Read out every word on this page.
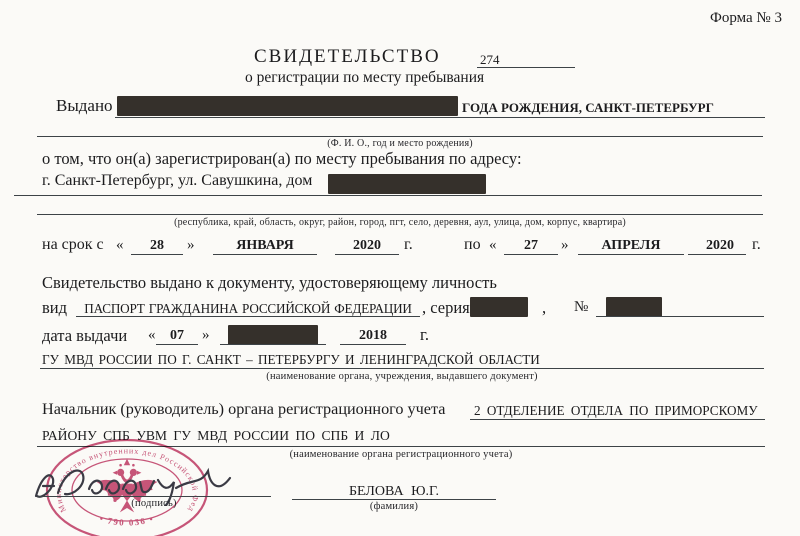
Форма № 3
СВИДЕТЕЛЬСТВО	274
о регистрации по месту пребывания
Выдано	ГОДА РОЖДЕНИЯ, САНКТ-ПЕТЕРБУРГ
(Ф. И. О., год и место рождения)
о том, что он(а) зарегистрирован(а) по месту пребывания по адресу:
г. Санкт-Петербург, ул. Савушкина, дом
(республика, край, область, округ, район, город, пгт, село, деревня, аул, улица, дом, корпус, квартира)
на срок с «	28	»	ЯНВАРЯ	2020	г.	по «	27	»	АПРЕЛЯ	2020	г.
Свидетельство выдано к документу, удостоверяющему личность
вид	ПАСПОРТ ГРАЖДАНИНА РОССИЙСКОЙ ФЕДЕРАЦИИ , серия	, №
дата выдачи «	07	»	2018	г.
ГУ МВД РОССИИ ПО Г. САНКТ – ПЕТЕРБУРГУ И ЛЕНИНГРАДСКОЙ ОБЛАСТИ
(наименование органа, учреждения, выдавшего документ)
Начальник (руководитель) органа регистрационного учета 2 ОТДЕЛЕНИЕ ОТДЕЛА ПО ПРИМОРСКОМУ
РАЙОНУ СПБ УВМ ГУ МВД РОССИИ ПО СПБ И ЛО
(наименование органа регистрационного учета)
Министерство внутренних дел Российской Фед
• 790 036 •
(подпись)
БЕЛОВА Ю.Г.
(фамилия)
